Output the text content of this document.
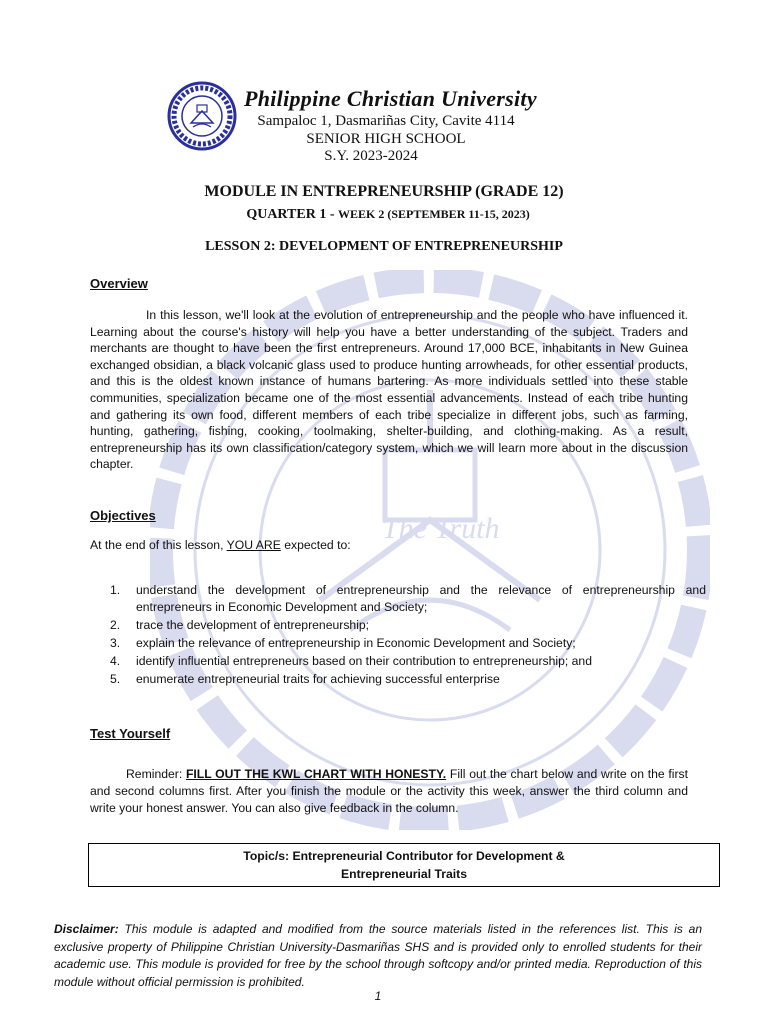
The Truth
Philippine Christian University
Sampaloc 1, Dasmariñas City, Cavite 4114
SENIOR HIGH SCHOOL
S.Y. 2023-2024
MODULE IN ENTREPRENEURSHIP (GRADE 12)
QUARTER 1 - WEEK 2 (SEPTEMBER 11-15, 2023)
LESSON 2: DEVELOPMENT OF ENTREPRENEURSHIP
Overview
In this lesson, we'll look at the evolution of entrepreneurship and the people who have influenced it. Learning about the course's history will help you have a better understanding of the subject. Traders and merchants are thought to have been the first entrepreneurs. Around 17,000 BCE, inhabitants in New Guinea exchanged obsidian, a black volcanic glass used to produce hunting arrowheads, for other essential products, and this is the oldest known instance of humans bartering. As more individuals settled into these stable communities, specialization became one of the most essential advancements. Instead of each tribe hunting and gathering its own food, different members of each tribe specialize in different jobs, such as farming, hunting, gathering, fishing, cooking, toolmaking, shelter-building, and clothing-making. As a result, entrepreneurship has its own classification/category system, which we will learn more about in the discussion chapter.
Objectives
At the end of this lesson, YOU ARE expected to:
1.	understand the development of entrepreneurship and the relevance of entrepreneurship and entrepreneurs in Economic Development and Society;
2.	trace the development of entrepreneurship;
3.	explain the relevance of entrepreneurship in Economic Development and Society;
4.	identify influential entrepreneurs based on their contribution to entrepreneurship; and
5.	enumerate entrepreneurial traits for achieving successful enterprise
Test Yourself
Reminder: FILL OUT THE KWL CHART WITH HONESTY. Fill out the chart below and write on the first and second columns first. After you finish the module or the activity this week, answer the third column and write your honest answer. You can also give feedback in the column.
Topic/s: Entrepreneurial Contributor for Development &
Entrepreneurial Traits
Disclaimer: This module is adapted and modified from the source materials listed in the references list. This is an exclusive property of Philippine Christian University-Dasmariñas SHS and is provided only to enrolled students for their academic use. This module is provided for free by the school through softcopy and/or printed media. Reproduction of this module without official permission is prohibited.
1
